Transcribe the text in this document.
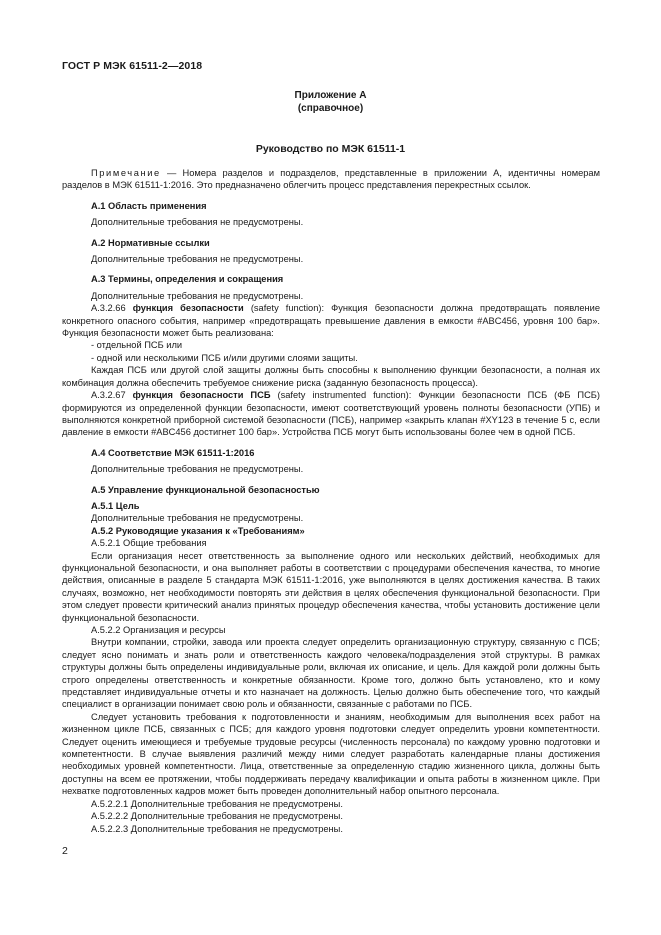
ГОСТ Р МЭК 61511-2—2018
Приложение А
(справочное)
Руководство по МЭК 61511-1

Примечание — Номера разделов и подразделов, представленные в приложении А, идентичны номерам разделов в МЭК 61511-1:2016. Это предназначено облегчить процесс представления перекрестных ссылок.

А.1 Область применения

Дополнительные требования не предусмотрены.

А.2 Нормативные ссылки

Дополнительные требования не предусмотрены.

А.3 Термины, определения и сокращения

Дополнительные требования не предусмотрены.

А.3.2.66 функция безопасности (safety function): Функция безопасности должна предотвращать появление конкретного опасного события, например «предотвращать превышение давления в емкости #ABC456, уровня 100 бар». Функция безопасности может быть реализована:

- отдельной ПСБ или

- одной или несколькими ПСБ и/или другими слоями защиты.

Каждая ПСБ или другой слой защиты должны быть способны к выполнению функции безопасности, а полная их комбинация должна обеспечить требуемое снижение риска (заданную безопасность процесса).

А.3.2.67 функция безопасности ПСБ (safety instrumented function): Функции безопасности ПСБ (ФБ ПСБ) формируются из определенной функции безопасности, имеют соответствующий уровень полноты безопасности (УПБ) и выполняются конкретной приборной системой безопасности (ПСБ), например «закрыть клапан #XY123 в течение 5 с, если давление в емкости #ABC456 достигнет 100 бар». Устройства ПСБ могут быть использованы более чем в одной ПСБ.

А.4 Соответствие МЭК 61511-1:2016

Дополнительные требования не предусмотрены.

А.5 Управление функциональной безопасностью

А.5.1 Цель

Дополнительные требования не предусмотрены.

А.5.2 Руководящие указания к «Требованиям»

А.5.2.1 Общие требования

Если организация несет ответственность за выполнение одного или нескольких действий, необходимых для функциональной безопасности, и она выполняет работы в соответствии с процедурами обеспечения качества, то многие действия, описанные в разделе 5 стандарта МЭК 61511-1:2016, уже выполняются в целях достижения качества. В таких случаях, возможно, нет необходимости повторять эти действия в целях обеспечения функциональной безопасности. При этом следует провести критический анализ принятых процедур обеспечения качества, чтобы установить достижение цели функциональной безопасности.

А.5.2.2 Организация и ресурсы

Внутри компании, стройки, завода или проекта следует определить организационную структуру, связанную с ПСБ; следует ясно понимать и знать роли и ответственность каждого человека/подразделения этой структуры. В рамках структуры должны быть определены индивидуальные роли, включая их описание, и цель. Для каждой роли должны быть строго определены ответственность и конкретные обязанности. Кроме того, должно быть установлено, кто и кому представляет индивидуальные отчеты и кто назначает на должность. Целью должно быть обеспечение того, что каждый специалист в организации понимает свою роль и обязанности, связанные с работами по ПСБ.

Следует установить требования к подготовленности и знаниям, необходимым для выполнения всех работ на жизненном цикле ПСБ, связанных с ПСБ; для каждого уровня подготовки следует определить уровни компетентности. Следует оценить имеющиеся и требуемые трудовые ресурсы (численность персонала) по каждому уровню подготовки и компетентности. В случае выявления различий между ними следует разработать календарные планы достижения необходимых уровней компетентности. Лица, ответственные за определенную стадию жизненного цикла, должны быть доступны на всем ее протяжении, чтобы поддерживать передачу квалификации и опыта работы в жизненном цикле. При нехватке подготовленных кадров может быть проведен дополнительный набор опытного персонала.

А.5.2.2.1 Дополнительные требования не предусмотрены.

А.5.2.2.2 Дополнительные требования не предусмотрены.

А.5.2.2.3 Дополнительные требования не предусмотрены.

2
